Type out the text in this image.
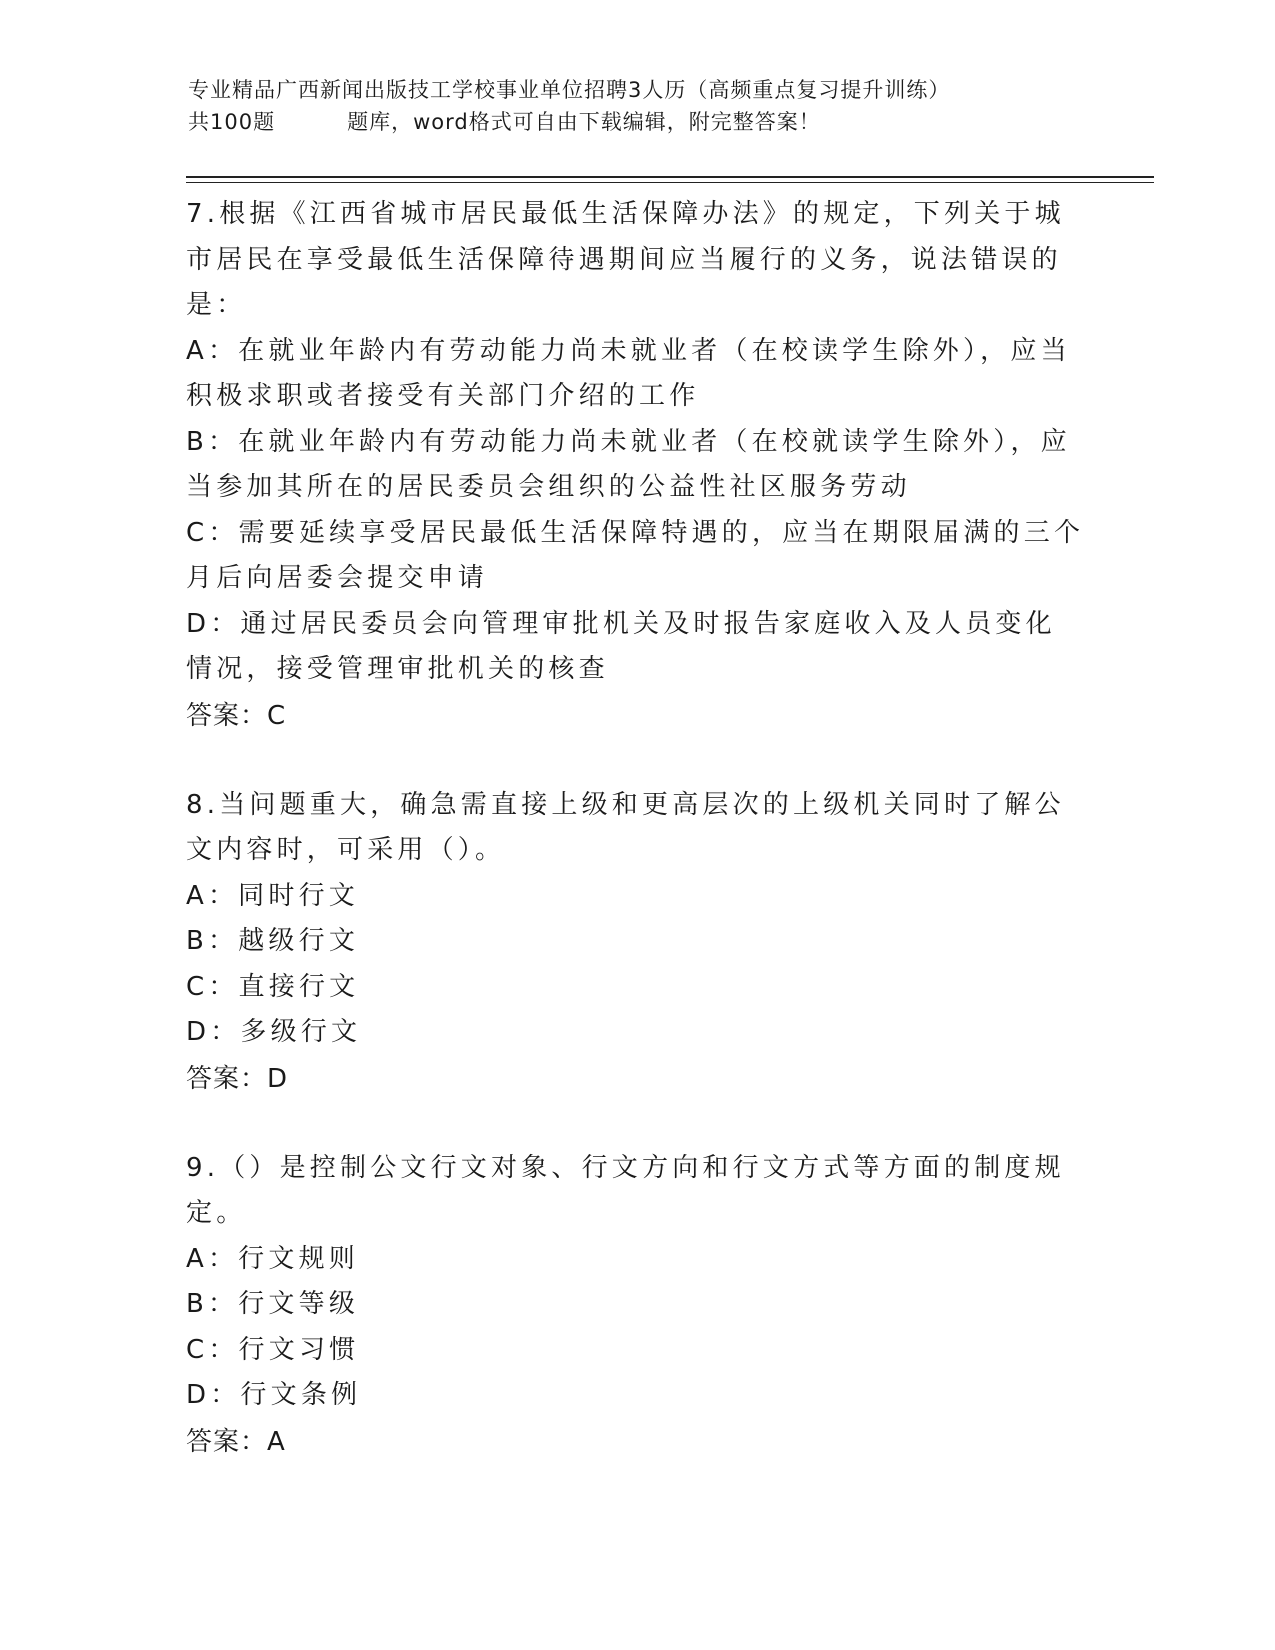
专业精品广西新闻出版技工学校事业单位招聘3人历（高频重点复习提升训练）
共100题	题库，word格式可自由下载编辑，附完整答案！

7.根据《江西省城市居民最低生活保障办法》的规定，下列关于城市居民在享受最低生活保障待遇期间应当履行的义务，说法错误的是：

A：在就业年龄内有劳动能力尚未就业者（在校读学生除外），应当积极求职或者接受有关部门介绍的工作

B：在就业年龄内有劳动能力尚未就业者（在校就读学生除外），应当参加其所在的居民委员会组织的公益性社区服务劳动

C：需要延续享受居民最低生活保障特遇的，应当在期限届满的三个月后向居委会提交申请

D：通过居民委员会向管理审批机关及时报告家庭收入及人员变化情况，接受管理审批机关的核查

答案：C

8.当问题重大，确急需直接上级和更高层次的上级机关同时了解公文内容时，可采用（）。

A：同时行文

B：越级行文

C：直接行文

D：多级行文

答案：D

9.（）是控制公文行文对象、行文方向和行文方式等方面的制度规定。

A：行文规则

B：行文等级

C：行文习惯

D：行文条例

答案：A
